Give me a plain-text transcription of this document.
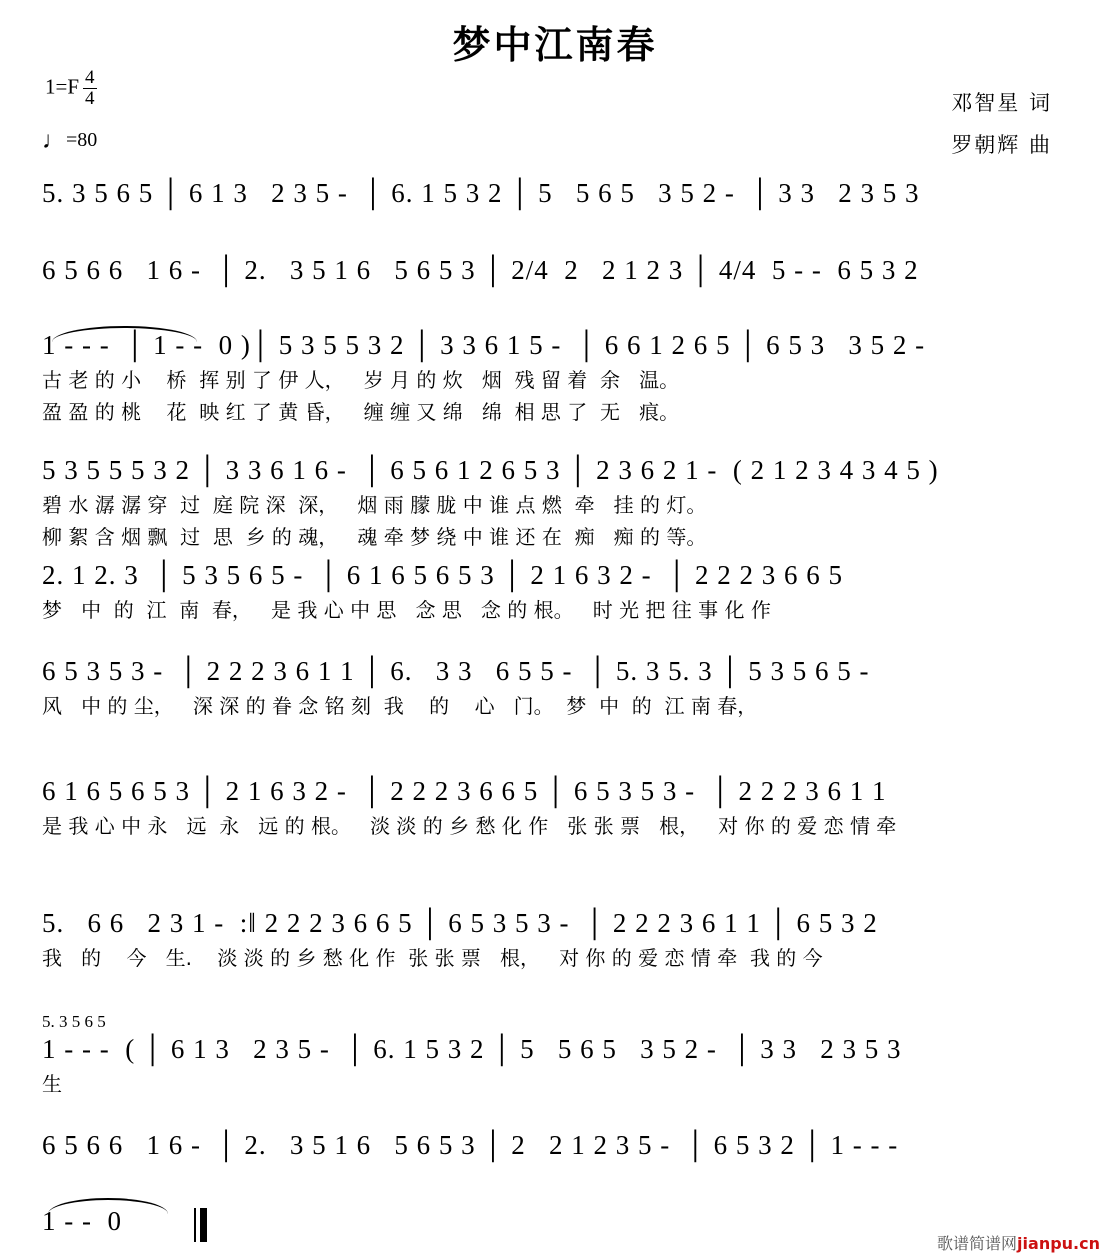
梦中江南春
$1=F \frac{4}{4}$
♩=80
邓智星 词
罗朝辉 曲
5. 3 5 6 5 │ 6 1 3   2 3 5 -  │ 6. 1 5 3 2 │ 5   5 6 5   3 5 2 -  │ 3 3   2 3 5 3
6 5 6 6   1 6 -  │ 2.   3 5 1 6   5 6 5 3 │ 2/4  2   2 1 2 3 │ 4/4  5 - -  6 5 3 2
1 - - -  │ 1 - -  0 )│ 5 3 5 5 3 2 │ 3 3 6 1 5 -  │ 6 6 1 2 6 5 │ 6 5 3   3 5 2 -
古 老 的 小    桥  挥 别 了 伊 人，   岁 月 的 炊   烟  残 留 着  余   温。
盈 盈 的 桃    花  映 红 了 黄 昏，   缠 缠 又 绵   绵  相 思 了  无   痕。
5 3 5 5 5 3 2 │ 3 3 6 1 6 -  │ 6 5 6 1 2 6 5 3 │ 2 3 6 2 1 -  ( 2 1 2 3 4 3 4 5 )
碧 水 潺 潺 穿  过  庭 院 深  深，   烟 雨 朦 胧 中 谁 点 燃  牵   挂 的 灯。
柳 絮 含 烟 飘  过  思  乡 的 魂，   魂 牵 梦 绕 中 谁 还 在  痴   痴 的 等。
2. 1 2. 3  │ 5 3 5 6 5 -  │ 6 1 6 5 6 5 3 │ 2 1 6 3 2 -  │ 2 2 2 3 6 6 5
梦   中  的  江  南  春，   是 我 心 中 思   念 思   念 的 根。   时 光 把 往 事 化 作
6 5 3 5 3 -  │ 2 2 2 3 6 1 1 │ 6.   3 3   6 5 5 -  │ 5. 3 5. 3 │ 5 3 5 6 5 -
风   中 的 尘，   深 深 的 眷 念 铭 刻  我    的    心   门。  梦  中  的  江 南 春，
6 1 6 5 6 5 3 │ 2 1 6 3 2 -  │ 2 2 2 3 6 6 5 │ 6 5 3 5 3 -  │ 2 2 2 3 6 1 1
是 我 心 中 永   远  永   远 的 根。   淡 淡 的 乡 愁 化 作   张 张 票   根，   对 你 的 爱 恋 情 牵
5.   6 6   2 3 1 -  :‖ 2 2 2 3 6 6 5 │ 6 5 3 5 3 -  │ 2 2 2 3 6 1 1 │ 6 5 3 2
我   的    今   生.    淡 淡 的 乡 愁 化 作  张 张 票   根，   对 你 的 爱 恋 情 牵  我 的 今
5. 3 5 6 5
1 - - -  ( │ 6 1 3   2 3 5 -  │ 6. 1 5 3 2 │ 5   5 6 5   3 5 2 -  │ 3 3   2 3 5 3
生
6 5 6 6   1 6 -  │ 2.   3 5 1 6   5 6 5 3 │ 2   2 1 2 3 5 -  │ 6 5 3 2 │ 1 - - -
1 - -  0
歌谱简谱网jianpu.cn
